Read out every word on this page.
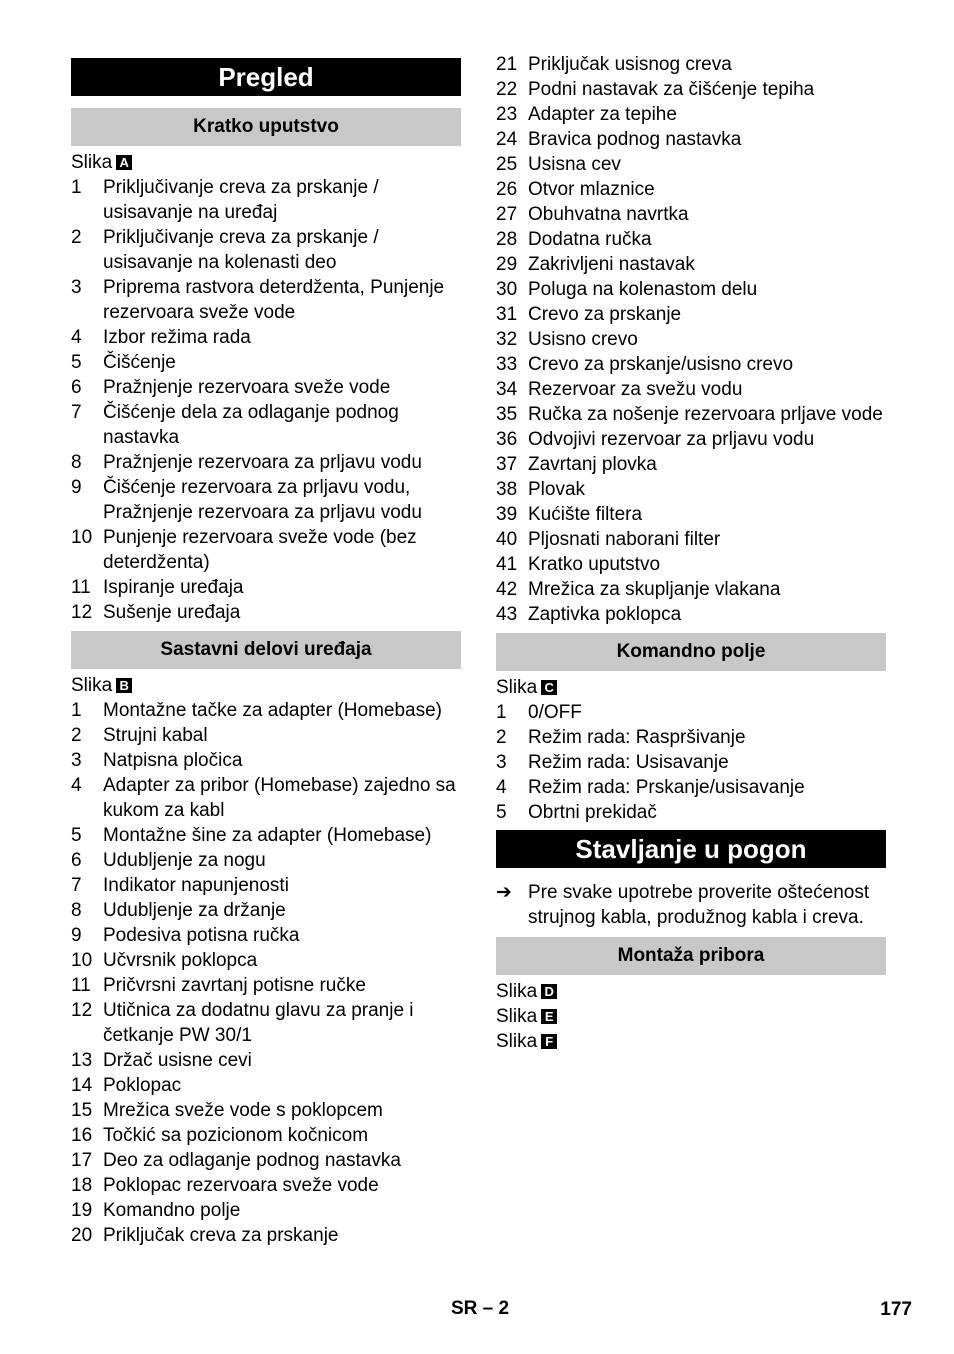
Pregled
Kratko uputstvo
Slika A
1	Priključivanje creva za prskanje / usisavanje na uređaj
2	Priključivanje creva za prskanje / usisavanje na kolenasti deo
3	Priprema rastvora deterdženta, Punjenje rezervoara sveže vode
4	Izbor režima rada
5	Čišćenje
6	Pražnjenje rezervoara sveže vode
7	Čišćenje dela za odlaganje podnog nastavka
8	Pražnjenje rezervoara za prljavu vodu
9	Čišćenje rezervoara za prljavu vodu, Pražnjenje rezervoara za prljavu vodu
10 Punjenje rezervoara sveže vode (bez deterdženta)
11 Ispiranje uređaja
12 Sušenje uređaja
Sastavni delovi uređaja
Slika B
1	Montažne tačke za adapter (Homebase)
2	Strujni kabal
3	Natpisna pločica
4	Adapter za pribor (Homebase) zajedno sa kukom za kabl
5	Montažne šine za adapter (Homebase)
6	Udubljenje za nogu
7	Indikator napunjenosti
8	Udubljenje za držanje
9	Podesiva potisna ručka
10 Učvrsnik poklopca
11 Pričvrsni zavrtanj potisne ručke
12 Utičnica za dodatnu glavu za pranje i četkanje PW 30/1
13 Držač usisne cevi
14 Poklopac
15 Mrežica sveže vode s poklopcem
16 Točkić sa pozicionom kočnicom
17 Deo za odlaganje podnog nastavka
18 Poklopac rezervoara sveže vode
19 Komandno polje
20 Priključak creva za prskanje
21 Priključak usisnog creva
22 Podni nastavak za čišćenje tepiha
23 Adapter za tepihe
24 Bravica podnog nastavka
25 Usisna cev
26 Otvor mlaznice
27 Obuhvatna navrtka
28 Dodatna ručka
29 Zakrivljeni nastavak
30 Poluga na kolenastom delu
31 Crevo za prskanje
32 Usisno crevo
33 Crevo za prskanje/usisno crevo
34 Rezervoar za svežu vodu
35 Ručka za nošenje rezervoara prljave vode
36 Odvojivi rezervoar za prljavu vodu
37 Zavrtanj plovka
38 Plovak
39 Kućište filtera
40 Pljosnati naborani filter
41 Kratko uputstvo
42 Mrežica za skupljanje vlakana
43 Zaptivka poklopca
Komandno polje
Slika C
1	0/OFF
2	Režim rada: Raspršivanje
3	Režim rada: Usisavanje
4	Režim rada: Prskanje/usisavanje
5	Obrtni prekidač
Stavljanje u pogon
➔ Pre svake upotrebe proverite oštećenost strujnog kabla, produžnog kabla i creva.
Montaža pribora
Slika D
Slika E
Slika F
SR – 2	177
